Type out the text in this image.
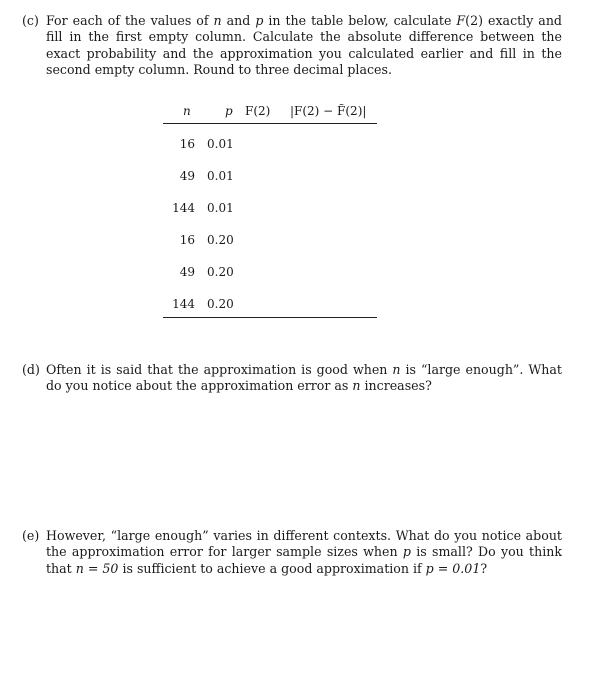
(c) For each of the values of n and p in the table below, calculate F(2) exactly and fill in the first empty column. Calculate the absolute difference between the exact probability and the approximation you calculated earlier and fill in the second empty column. Round to three decimal places.
n	p F(2) |F(2) − F̃(2)|
16 0.01
49 0.01
144 0.01
16 0.20
49 0.20
144 0.20
(d) Often it is said that the approximation is good when n is “large enough”. What do you notice about the approximation error as n increases?
(e) However, “large enough” varies in different contexts. What do you notice about the approximation error for larger sample sizes when p is small? Do you think that n = 50 is sufficient to achieve a good approximation if p = 0.01?
